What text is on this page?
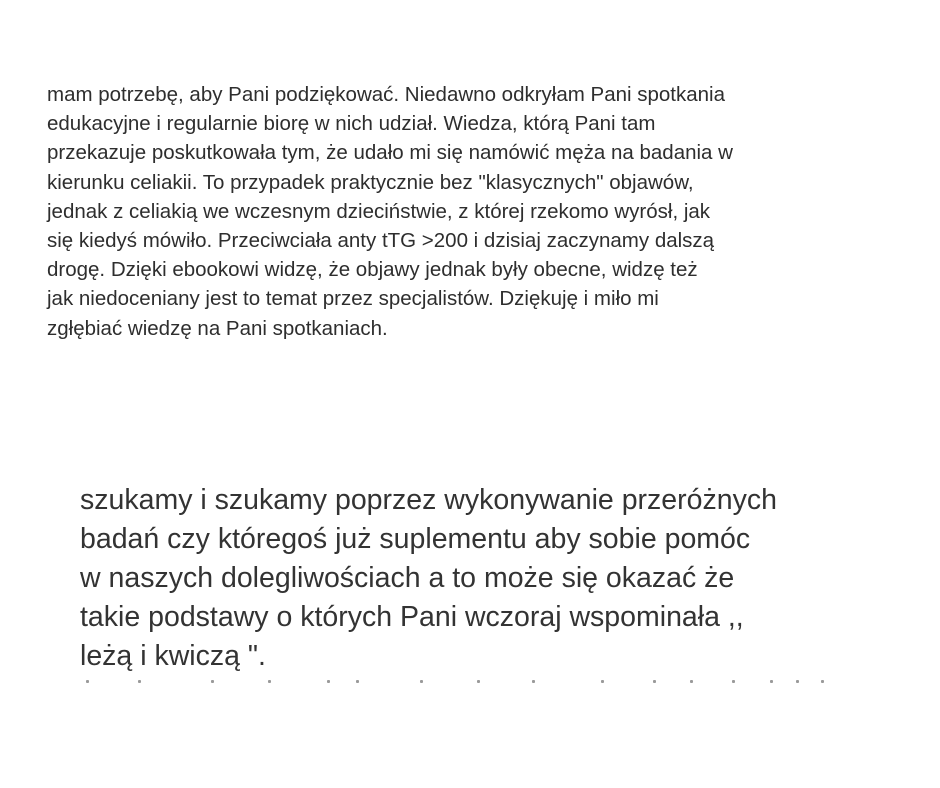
mam potrzebę, aby Pani podziękować. Niedawno odkryłam Pani spotkania
edukacyjne i regularnie biorę w nich udział. Wiedza, którą Pani tam
przekazuje poskutkowała tym, że udało mi się namówić męża na badania w
kierunku celiakii. To przypadek praktycznie bez "klasycznych" objawów,
jednak z celiakią we wczesnym dzieciństwie, z której rzekomo wyrósł, jak
się kiedyś mówiło. Przeciwciała anty tTG >200 i dzisiaj zaczynamy dalszą
drogę. Dzięki ebookowi widzę, że objawy jednak były obecne, widzę też
jak niedoceniany jest to temat przez specjalistów. Dziękuję i miło mi
zgłębiać wiedzę na Pani spotkaniach.
szukamy i szukamy poprzez wykonywanie przeróżnych
badań czy któregoś już suplementu aby sobie pomóc
w naszych dolegliwościach a to może się okazać że
takie podstawy o których Pani wczoraj wspominała ,,
leżą i kwiczą ".
